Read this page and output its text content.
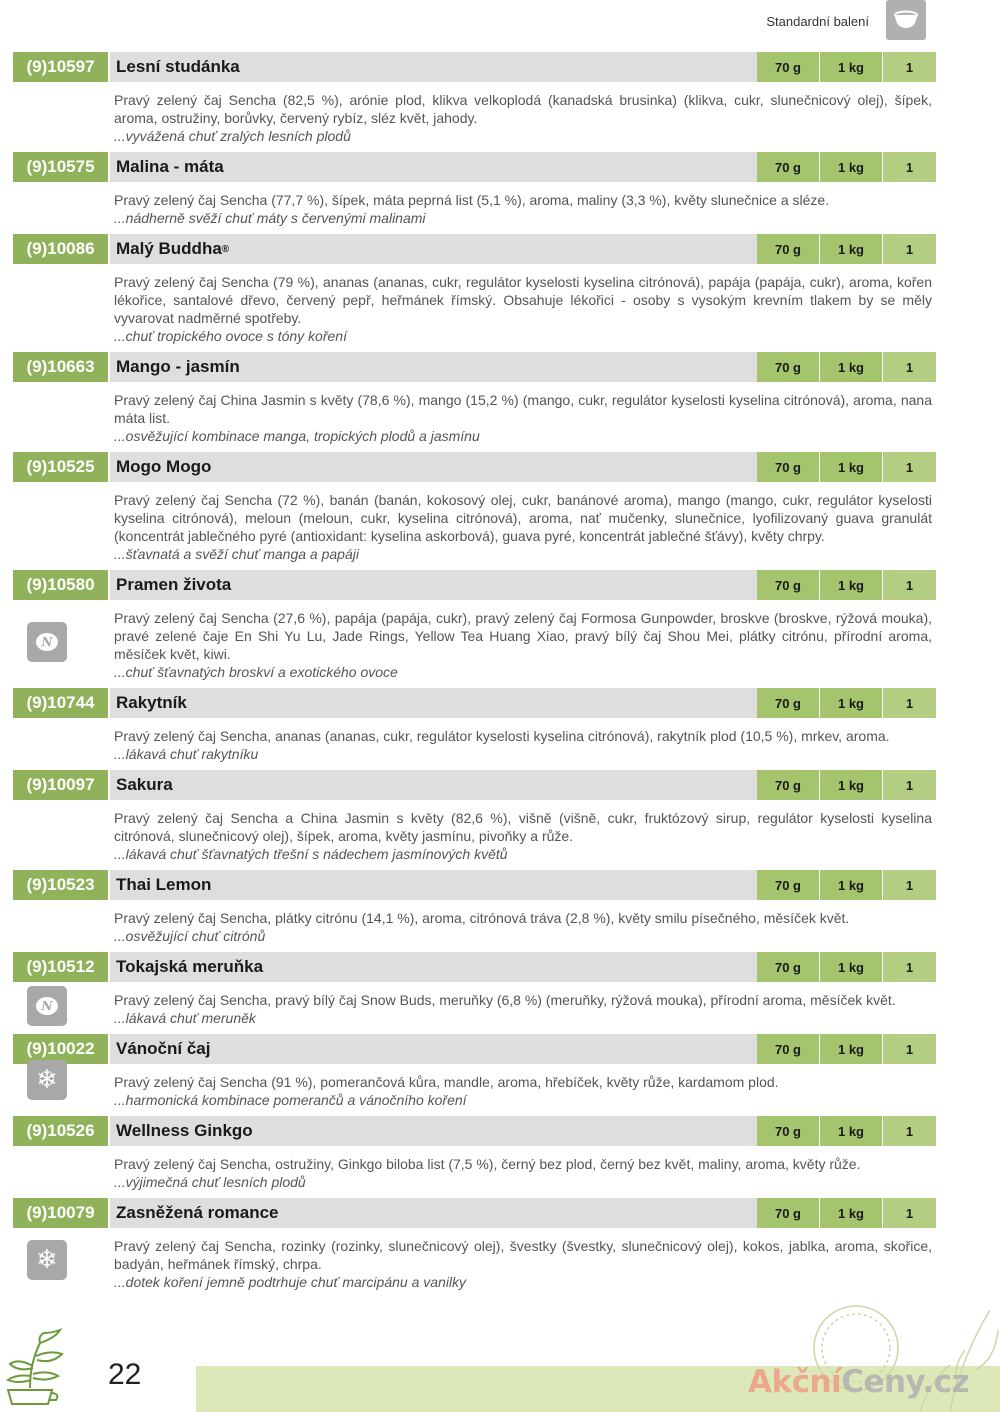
Standardní balení
(9)10597	Lesní studánka	70 g	1 kg	1
Pravý zelený čaj Sencha (82,5 %), arónie plod, klikva velkoplodá (kanadská brusinka) (klikva, cukr, slunečnicový olej), šípek, aroma, ostružiny, borůvky, červený rybíz, sléz květ, jahody.
...vyvážená chuť zralých lesních plodů
(9)10575	Malina - máta	70 g	1 kg	1
Pravý zelený čaj Sencha (77,7 %), šípek, máta peprná list (5,1 %), aroma, maliny (3,3 %), květy slunečnice a sléze.
...nádherně svěží chuť máty s červenými malinami
(9)10086	Malý Buddha ®	70 g	1 kg	1
Pravý zelený čaj Sencha (79 %), ananas (ananas, cukr, regulátor kyselosti kyselina citrónová), papája (papája, cukr), aroma, kořen lékořice, santalové dřevo, červený pepř, heřmánek římský. Obsahuje lékořici - osoby s vysokým krevním tlakem by se měly vyvarovat nadměrné spotřeby.
...chuť tropického ovoce s tóny koření
(9)10663	Mango - jasmín	70 g	1 kg	1
Pravý zelený čaj China Jasmin s květy (78,6 %), mango (15,2 %) (mango, cukr, regulátor kyselosti kyselina citrónová), aroma, nana máta list.
...osvěžující kombinace manga, tropických plodů a jasmínu
(9)10525	Mogo Mogo	70 g	1 kg	1
Pravý zelený čaj Sencha (72 %), banán (banán, kokosový olej, cukr, banánové aroma), mango (mango, cukr, regulátor kyselosti kyselina citrónová), meloun (meloun, cukr, kyselina citrónová), aroma, nať mučenky, slunečnice, lyofilizovaný guava granulát (koncentrát jablečného pyré (antioxidant: kyselina askorbová), guava pyré, koncentrát jablečné šťávy), květy chrpy.
...šťavnatá a svěží chuť manga a papáji
(9)10580	Pramen života	70 g	1 kg	1
Pravý zelený čaj Sencha (27,6 %), papája (papája, cukr), pravý zelený čaj Formosa Gunpowder, broskve (broskve, rýžová mouka), pravé zelené čaje En Shi Yu Lu, Jade Rings, Yellow Tea Huang Xiao, pravý bílý čaj Shou Mei, plátky citrónu, přírodní aroma, měsíček květ, kiwi.
...chuť šťavnatých broskví a exotického ovoce
(9)10744	Rakytník	70 g	1 kg	1
Pravý zelený čaj Sencha, ananas (ananas, cukr, regulátor kyselosti kyselina citrónová), rakytník plod (10,5 %), mrkev, aroma.
...lákavá chuť rakytníku
(9)10097	Sakura	70 g	1 kg	1
Pravý zelený čaj Sencha a China Jasmin s květy (82,6 %), višně (višně, cukr, fruktózový sirup, regulátor kyselosti kyselina citrónová, slunečnicový olej), šípek, aroma, květy jasmínu, pivoňky a růže.
...lákavá chuť šťavnatých třešní s nádechem jasmínových květů
(9)10523	Thai Lemon	70 g	1 kg	1
Pravý zelený čaj Sencha, plátky citrónu (14,1 %), aroma, citrónová tráva (2,8 %), květy smilu písečného, měsíček květ.
...osvěžující chuť citrónů
(9)10512	Tokajská meruňka	70 g	1 kg	1
Pravý zelený čaj Sencha, pravý bílý čaj Snow Buds, meruňky (6,8 %) (meruňky, rýžová mouka), přírodní aroma, měsíček květ.
...lákavá chuť meruněk
(9)10022	Vánoční čaj	70 g	1 kg	1
Pravý zelený čaj Sencha (91 %), pomerančová kůra, mandle, aroma, hřebíček, květy růže, kardamom plod.
...harmonická kombinace pomerančů a vánočního koření
(9)10526	Wellness Ginkgo	70 g	1 kg	1
Pravý zelený čaj Sencha, ostružiny, Ginkgo biloba list (7,5 %), černý bez plod, černý bez květ, maliny, aroma, květy růže.
...výjimečná chuť lesních plodů
(9)10079	Zasněžená romance	70 g	1 kg	1
Pravý zelený čaj Sencha, rozinky (rozinky, slunečnicový olej), švestky (švestky, slunečnicový olej), kokos, jablka, aroma, skořice, badyán, heřmánek římský, chrpa.
...dotek koření jemně podtrhuje chuť marcipánu a vanilky
22	AkčníCeny.cz
N
N
❄
❄
